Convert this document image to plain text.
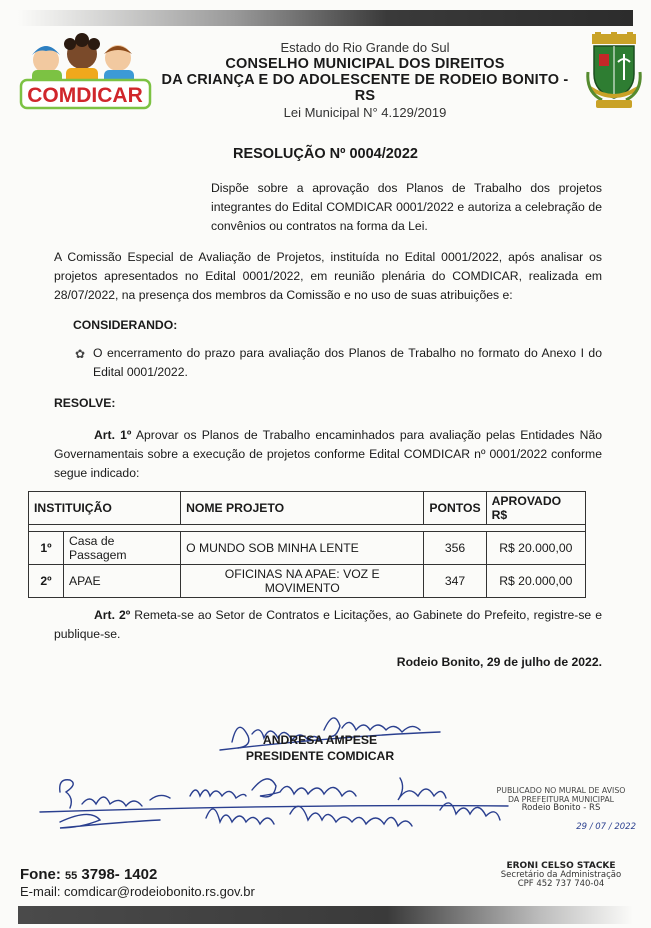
COMDICAR
Estado do Rio Grande do Sul
CONSELHO MUNICIPAL DOS DIREITOS
DA CRIANÇA E DO ADOLESCENTE DE RODEIO BONITO - RS
Lei Municipal N° 4.129/2019
RESOLUÇÃO Nº 0004/2022

Dispõe sobre a aprovação dos Planos de Trabalho dos projetos integrantes do Edital COMDICAR 0001/2022 e autoriza a celebração de convênios ou contratos na forma da Lei.

A Comissão Especial de Avaliação de Projetos, instituída no Edital 0001/2022, após analisar os projetos apresentados no Edital 0001/2022, em reunião plenária do COMDICAR, realizada em 28/07/2022, na presença dos membros da Comissão e no uso de suas atribuições e:

CONSIDERANDO:
✿ O encerramento do prazo para avaliação dos Planos de Trabalho no formato do Anexo I do Edital 0001/2022.
RESOLVE:

Art. 1º Aprovar os Planos de Trabalho encaminhados para avaliação pelas Entidades Não Governamentais sobre a execução de projetos conforme Edital COMDICAR nº 0001/2022 conforme segue indicado:

INSTITUIÇÃO		NOME PROJETO	PONTOS	APROVADO R$

1º	Casa de Passagem	O MUNDO SOB MINHA LENTE	356	R$ 20.000,00
2º	APAE	OFICINAS NA APAE: VOZ E MOVIMENTO	347	R$ 20.000,00

Art. 2º Remeta-se ao Setor de Contratos e Licitações, ao Gabinete do Prefeito, registre-se e publique-se.

Rodeio Bonito, 29 de julho de 2022.
ANDRESA AMPESE
PRESIDENTE COMDICAR
PUBLICADO NO MURAL DE AVISO
DA PREFEITURA MUNICIPAL
Rodeio Bonito - RS
29 / 07 / 2022
ERONI CELSO STACKE
Secretário da Administração
CPF 452 737 740-04
Fone: 55 3798- 1402
E-mail: comdicar@rodeiobonito.rs.gov.br
